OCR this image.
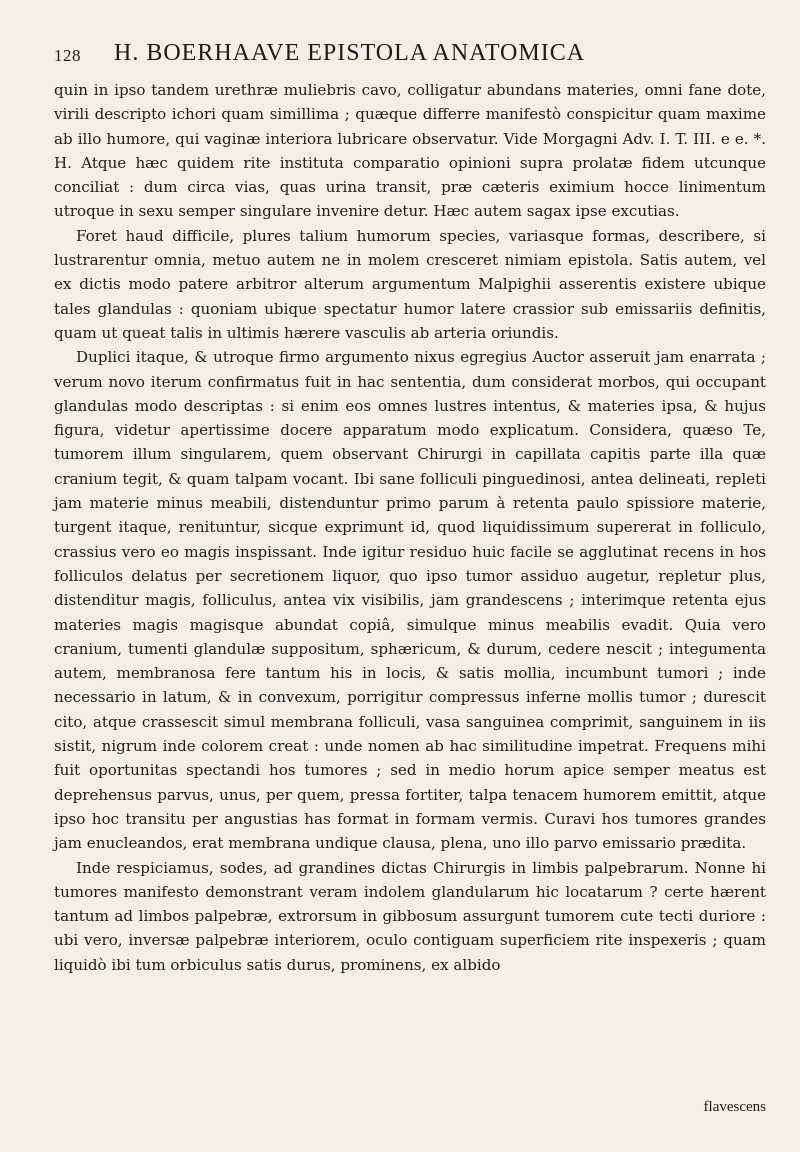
128 H. BOERHAAVE EPISTOLA ANATOMICA

quin in ipso tandem urethræ muliebris cavo, colligatur abundans materies, omni fane dote, virili descripto ichori quam simillima ; quæque differre manifestò conspicitur quam maxime ab illo humore, qui vaginæ interiora lubricare observatur. Vide Morgagni Adv. I. T. III. e e. *. H. Atque hæc quidem rite instituta comparatio opinioni supra prolatæ fidem utcunque conciliat : dum circa vias, quas urina transit, præ cæteris eximium hocce linimentum utroque in sexu semper singulare invenire detur. Hæc autem sagax ipse excutias.

Foret haud difficile, plures talium humorum species, variasque formas, describere, si lustrarentur omnia, metuo autem ne in molem cresceret nimiam epistola. Satis autem, vel ex dictis modo patere arbitror alterum argumentum Malpighii asserentis existere ubique tales glandulas : quoniam ubique spectatur humor latere crassior sub emissariis definitis, quam ut queat talis in ultimis hærere vasculis ab arteria oriundis.

Duplici itaque, & utroque firmo argumento nixus egregius Auctor asseruit jam enarrata ; verum novo iterum confirmatus fuit in hac sententia, dum considerat morbos, qui occupant glandulas modo descriptas : si enim eos omnes lustres intentus, & materies ipsa, & hujus figura, videtur apertissime docere apparatum modo explicatum. Considera, quæso Te, tumorem illum singularem, quem observant Chirurgi in capillata capitis parte illa quæ cranium tegit, & quam talpam vocant. Ibi sane folliculi pinguedinosi, antea delineati, repleti jam materie minus meabili, distenduntur primo parum à retenta paulo spissiore materie, turgent itaque, renituntur, sicque exprimunt id, quod liquidissimum supererat in folliculo, crassius vero eo magis inspissant. Inde igitur residuo huic facile se agglutinat recens in hos folliculos delatus per secretionem liquor, quo ipso tumor assiduo augetur, repletur plus, distenditur magis, folliculus, antea vix visibilis, jam grandescens ; interimque retenta ejus materies magis magisque abundat copiâ, simulque minus meabilis evadit. Quia vero cranium, tumenti glandulæ suppositum, sphæricum, & durum, cedere nescit ; integumenta autem, membranosa fere tantum his in locis, & satis mollia, incumbunt tumori ; inde necessario in latum, & in convexum, porrigitur compressus inferne mollis tumor ; durescit cito, atque crassescit simul membrana folliculi, vasa sanguinea comprimit, sanguinem in iis sistit, nigrum inde colorem creat : unde nomen ab hac similitudine impetrat. Frequens mihi fuit oportunitas spectandi hos tumores ; sed in medio horum apice semper meatus est deprehensus parvus, unus, per quem, pressa fortiter, talpa tenacem humorem emittit, atque ipso hoc transitu per angustias has format in formam vermis. Curavi hos tumores grandes jam enucleandos, erat membrana undique clausa, plena, uno illo parvo emissario prædita.

Inde respiciamus, sodes, ad grandines dictas Chirurgis in limbis palpebrarum. Nonne hi tumores manifesto demonstrant veram indolem glandularum hic locatarum ? certe hærent tantum ad limbos palpebræ, extrorsum in gibbosum assurgunt tumorem cute tecti duriore : ubi vero, inversæ palpebræ interiorem, oculo contiguam superficiem rite inspexeris ; quam liquidò ibi tum orbiculus satis durus, prominens, ex albido

flavescens
